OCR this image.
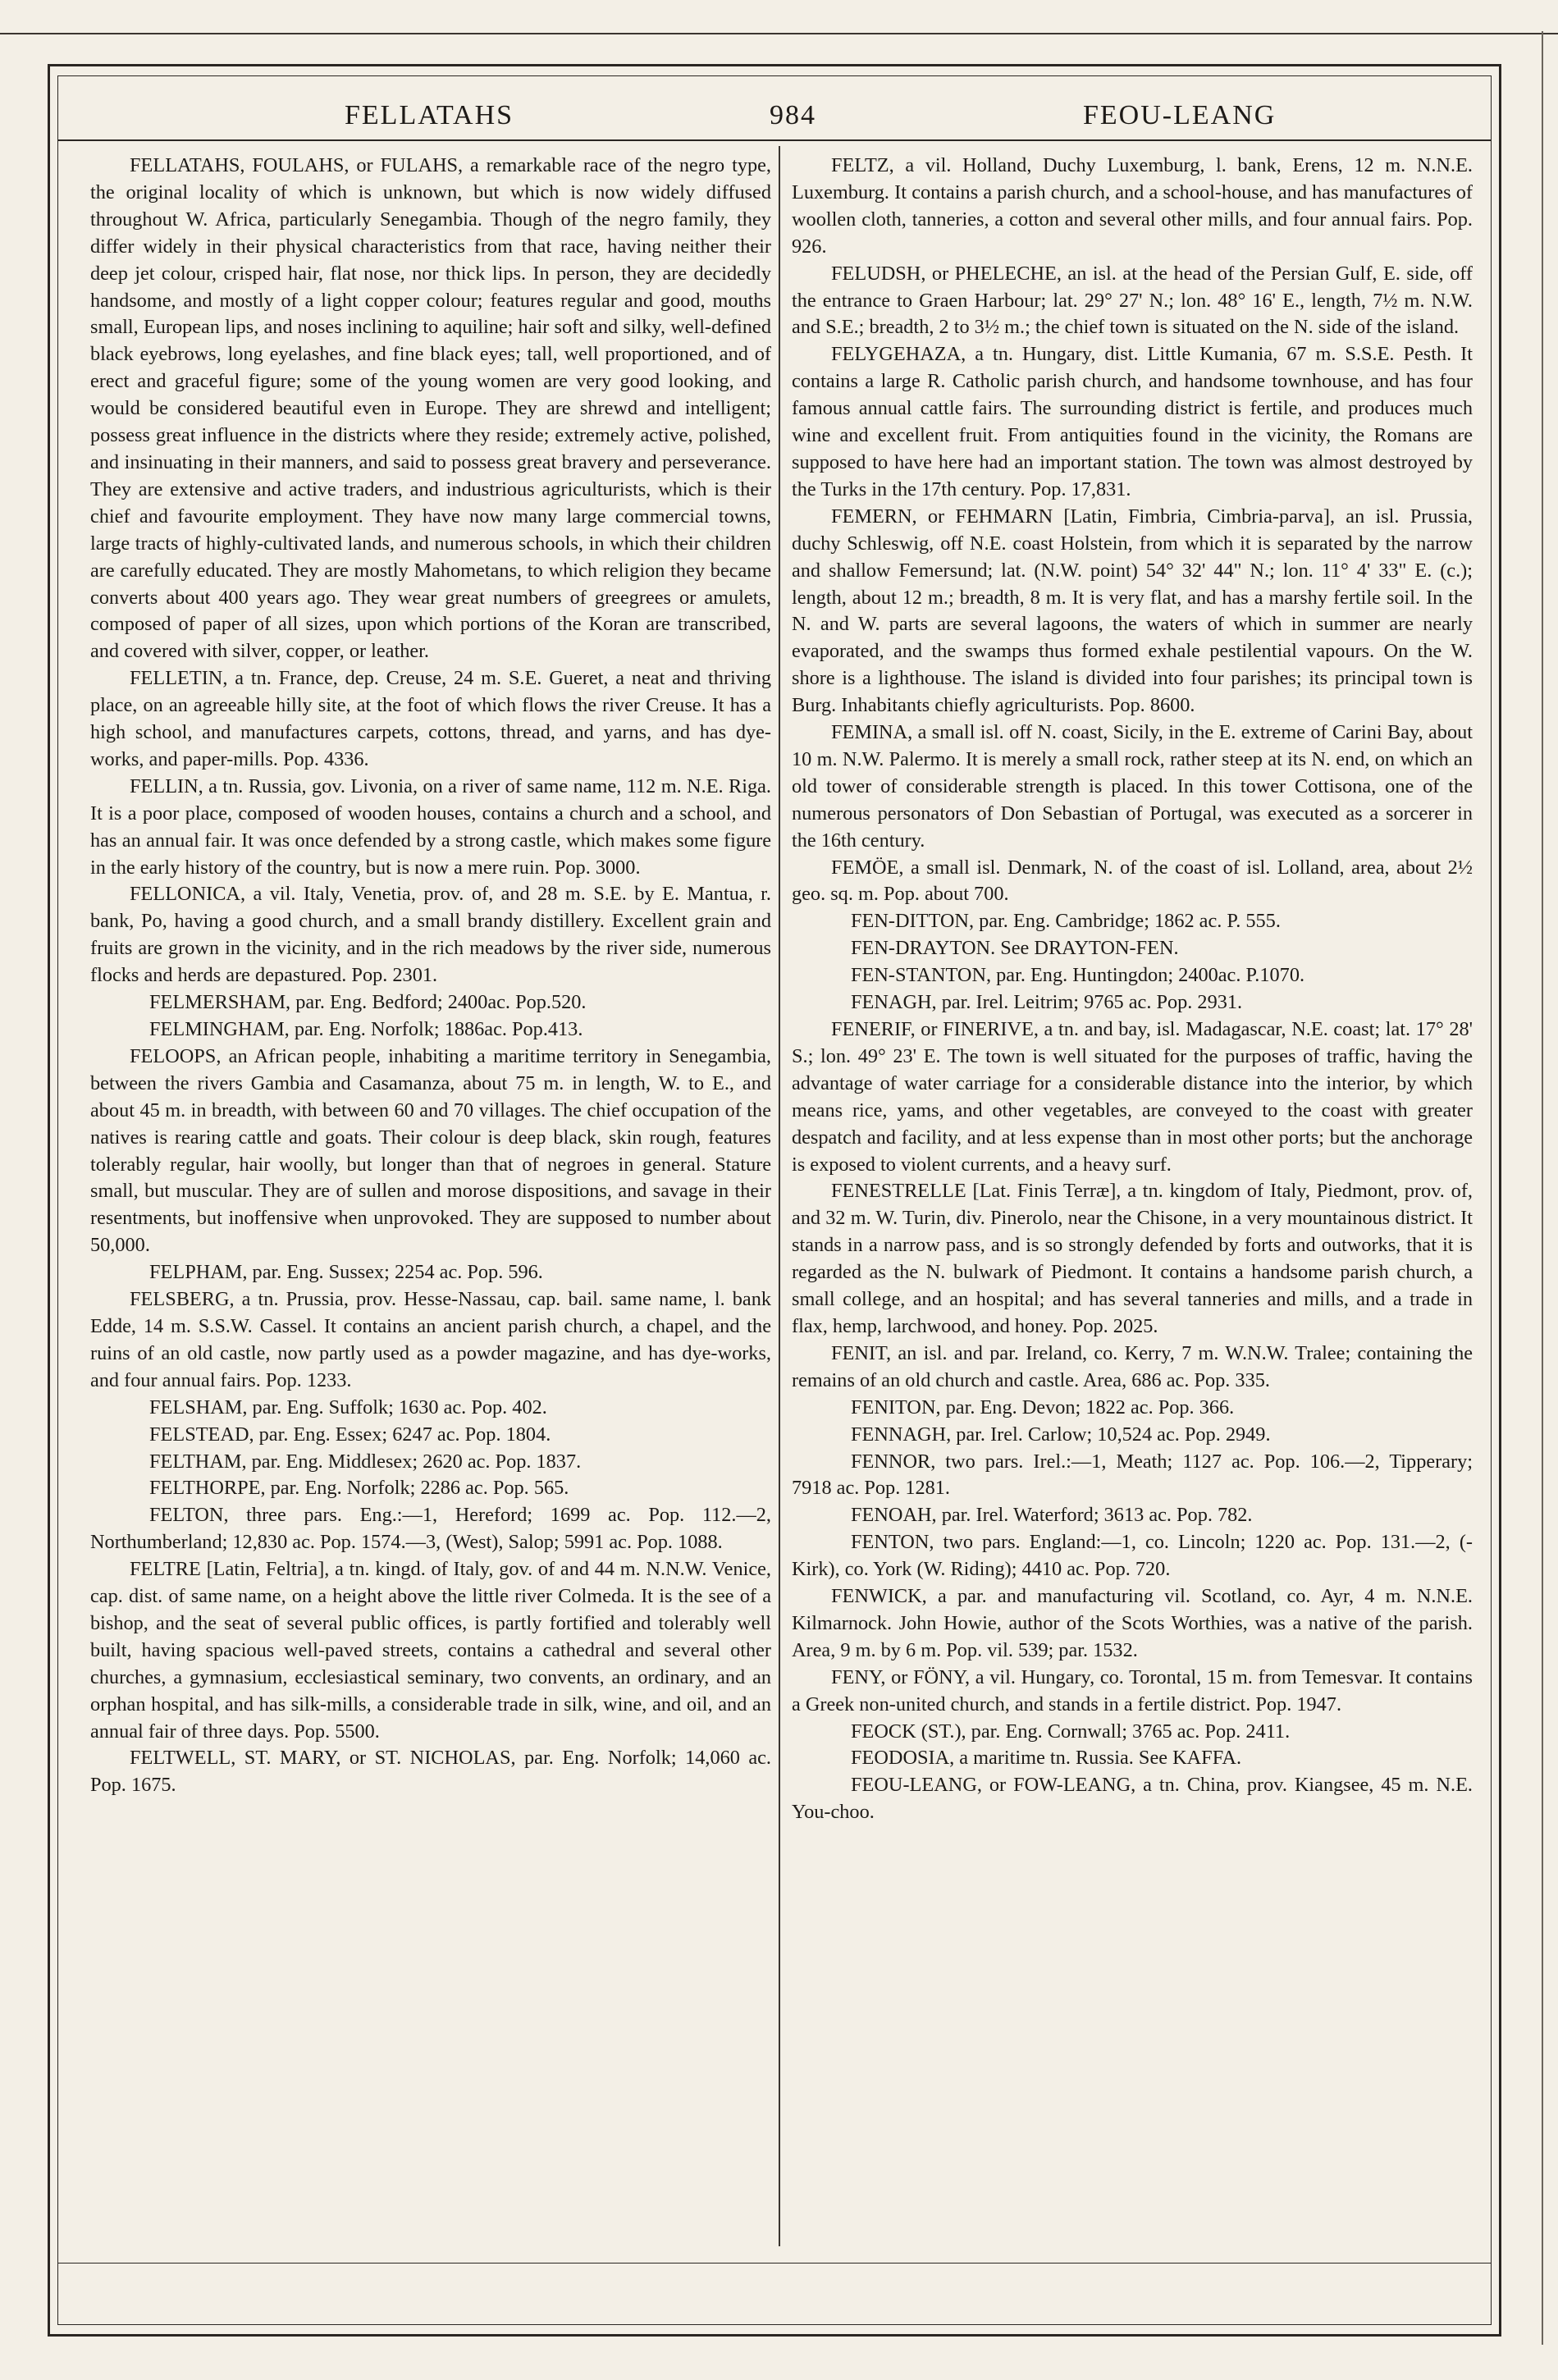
FELLATAHS	984	FEOU-LEANG

FELLATAHS, FOULAHS, or FULAHS, a remarkable race of the negro type, the original locality of which is unknown, but which is now widely diffused throughout W. Africa, particularly Senegambia. Though of the negro family, they differ widely in their physical characteristics from that race, having neither their deep jet colour, crisped hair, flat nose, nor thick lips. In person, they are decidedly handsome, and mostly of a light copper colour; features regular and good, mouths small, European lips, and noses inclining to aquiline; hair soft and silky, well-defined black eyebrows, long eyelashes, and fine black eyes; tall, well proportioned, and of erect and graceful figure; some of the young women are very good looking, and would be considered beautiful even in Europe. They are shrewd and intelligent; possess great influence in the districts where they reside; extremely active, polished, and insinuating in their manners, and said to possess great bravery and perseverance. They are extensive and active traders, and industrious agriculturists, which is their chief and favourite employment. They have now many large commercial towns, large tracts of highly-cultivated lands, and numerous schools, in which their children are carefully educated. They are mostly Mahometans, to which religion they became converts about 400 years ago. They wear great numbers of greegrees or amulets, composed of paper of all sizes, upon which portions of the Koran are transcribed, and covered with silver, copper, or leather.

FELLETIN, a tn. France, dep. Creuse, 24 m. S.E. Gueret, a neat and thriving place, on an agreeable hilly site, at the foot of which flows the river Creuse. It has a high school, and manufactures carpets, cottons, thread, and yarns, and has dye-works, and paper-mills. Pop. 4336.

FELLIN, a tn. Russia, gov. Livonia, on a river of same name, 112 m. N.E. Riga. It is a poor place, composed of wooden houses, contains a church and a school, and has an annual fair. It was once defended by a strong castle, which makes some figure in the early history of the country, but is now a mere ruin. Pop. 3000.

FELLONICA, a vil. Italy, Venetia, prov. of, and 28 m. S.E. by E. Mantua, r. bank, Po, having a good church, and a small brandy distillery. Excellent grain and fruits are grown in the vicinity, and in the rich meadows by the river side, numerous flocks and herds are depastured. Pop. 2301.

FELMERSHAM, par. Eng. Bedford; 2400ac. Pop.520.

FELMINGHAM, par. Eng. Norfolk; 1886ac. Pop.413.

FELOOPS, an African people, inhabiting a maritime territory in Senegambia, between the rivers Gambia and Casamanza, about 75 m. in length, W. to E., and about 45 m. in breadth, with between 60 and 70 villages. The chief occupation of the natives is rearing cattle and goats. Their colour is deep black, skin rough, features tolerably regular, hair woolly, but longer than that of negroes in general. Stature small, but muscular. They are of sullen and morose dispositions, and savage in their resentments, but inoffensive when unprovoked. They are supposed to number about 50,000.

FELPHAM, par. Eng. Sussex; 2254 ac. Pop. 596.

FELSBERG, a tn. Prussia, prov. Hesse-Nassau, cap. bail. same name, l. bank Edde, 14 m. S.S.W. Cassel. It contains an ancient parish church, a chapel, and the ruins of an old castle, now partly used as a powder magazine, and has dye-works, and four annual fairs. Pop. 1233.

FELSHAM, par. Eng. Suffolk; 1630 ac. Pop. 402.

FELSTEAD, par. Eng. Essex; 6247 ac. Pop. 1804.

FELTHAM, par. Eng. Middlesex; 2620 ac. Pop. 1837.

FELTHORPE, par. Eng. Norfolk; 2286 ac. Pop. 565.

FELTON, three pars. Eng.:—1, Hereford; 1699 ac. Pop. 112.—2, Northumberland; 12,830 ac. Pop. 1574.—3, (West), Salop; 5991 ac. Pop. 1088.

FELTRE [Latin, Feltria], a tn. kingd. of Italy, gov. of and 44 m. N.N.W. Venice, cap. dist. of same name, on a height above the little river Colmeda. It is the see of a bishop, and the seat of several public offices, is partly fortified and tolerably well built, having spacious well-paved streets, contains a cathedral and several other churches, a gymnasium, ecclesiastical seminary, two convents, an ordinary, and an orphan hospital, and has silk-mills, a considerable trade in silk, wine, and oil, and an annual fair of three days. Pop. 5500.

FELTWELL, ST. MARY, or ST. NICHOLAS, par. Eng. Norfolk; 14,060 ac. Pop. 1675.

FELTZ, a vil. Holland, Duchy Luxemburg, l. bank, Erens, 12 m. N.N.E. Luxemburg. It contains a parish church, and a school-house, and has manufactures of woollen cloth, tanneries, a cotton and several other mills, and four annual fairs. Pop. 926.

FELUDSH, or PHELECHE, an isl. at the head of the Persian Gulf, E. side, off the entrance to Graen Harbour; lat. 29° 27' N.; lon. 48° 16' E., length, 7½ m. N.W. and S.E.; breadth, 2 to 3½ m.; the chief town is situated on the N. side of the island.

FELYGEHAZA, a tn. Hungary, dist. Little Kumania, 67 m. S.S.E. Pesth. It contains a large R. Catholic parish church, and handsome townhouse, and has four famous annual cattle fairs. The surrounding district is fertile, and produces much wine and excellent fruit. From antiquities found in the vicinity, the Romans are supposed to have here had an important station. The town was almost destroyed by the Turks in the 17th century. Pop. 17,831.

FEMERN, or FEHMARN [Latin, Fimbria, Cimbria-parva], an isl. Prussia, duchy Schleswig, off N.E. coast Holstein, from which it is separated by the narrow and shallow Femersund; lat. (N.W. point) 54° 32' 44" N.; lon. 11° 4' 33" E. (c.); length, about 12 m.; breadth, 8 m. It is very flat, and has a marshy fertile soil. In the N. and W. parts are several lagoons, the waters of which in summer are nearly evaporated, and the swamps thus formed exhale pestilential vapours. On the W. shore is a lighthouse. The island is divided into four parishes; its principal town is Burg. Inhabitants chiefly agriculturists. Pop. 8600.

FEMINA, a small isl. off N. coast, Sicily, in the E. extreme of Carini Bay, about 10 m. N.W. Palermo. It is merely a small rock, rather steep at its N. end, on which an old tower of considerable strength is placed. In this tower Cottisona, one of the numerous personators of Don Sebastian of Portugal, was executed as a sorcerer in the 16th century.

FEMÖE, a small isl. Denmark, N. of the coast of isl. Lolland, area, about 2½ geo. sq. m. Pop. about 700.

FEN-DITTON, par. Eng. Cambridge; 1862 ac. P. 555.

FEN-DRAYTON. See DRAYTON-FEN.

FEN-STANTON, par. Eng. Huntingdon; 2400ac. P.1070.

FENAGH, par. Irel. Leitrim; 9765 ac. Pop. 2931.

FENERIF, or FINERIVE, a tn. and bay, isl. Madagascar, N.E. coast; lat. 17° 28' S.; lon. 49° 23' E. The town is well situated for the purposes of traffic, having the advantage of water carriage for a considerable distance into the interior, by which means rice, yams, and other vegetables, are conveyed to the coast with greater despatch and facility, and at less expense than in most other ports; but the anchorage is exposed to violent currents, and a heavy surf.

FENESTRELLE [Lat. Finis Terræ], a tn. kingdom of Italy, Piedmont, prov. of, and 32 m. W. Turin, div. Pinerolo, near the Chisone, in a very mountainous district. It stands in a narrow pass, and is so strongly defended by forts and outworks, that it is regarded as the N. bulwark of Piedmont. It contains a handsome parish church, a small college, and an hospital; and has several tanneries and mills, and a trade in flax, hemp, larchwood, and honey. Pop. 2025.

FENIT, an isl. and par. Ireland, co. Kerry, 7 m. W.N.W. Tralee; containing the remains of an old church and castle. Area, 686 ac. Pop. 335.

FENITON, par. Eng. Devon; 1822 ac. Pop. 366.

FENNAGH, par. Irel. Carlow; 10,524 ac. Pop. 2949.

FENNOR, two pars. Irel.:—1, Meath; 1127 ac. Pop. 106.—2, Tipperary; 7918 ac. Pop. 1281.

FENOAH, par. Irel. Waterford; 3613 ac. Pop. 782.

FENTON, two pars. England:—1, co. Lincoln; 1220 ac. Pop. 131.—2, (-Kirk), co. York (W. Riding); 4410 ac. Pop. 720.

FENWICK, a par. and manufacturing vil. Scotland, co. Ayr, 4 m. N.N.E. Kilmarnock. John Howie, author of the Scots Worthies, was a native of the parish. Area, 9 m. by 6 m. Pop. vil. 539; par. 1532.

FENY, or FÖNY, a vil. Hungary, co. Torontal, 15 m. from Temesvar. It contains a Greek non-united church, and stands in a fertile district. Pop. 1947.

FEOCK (ST.), par. Eng. Cornwall; 3765 ac. Pop. 2411.

FEODOSIA, a maritime tn. Russia. See KAFFA.

FEOU-LEANG, or FOW-LEANG, a tn. China, prov. Kiangsee, 45 m. N.E. You-choo.
